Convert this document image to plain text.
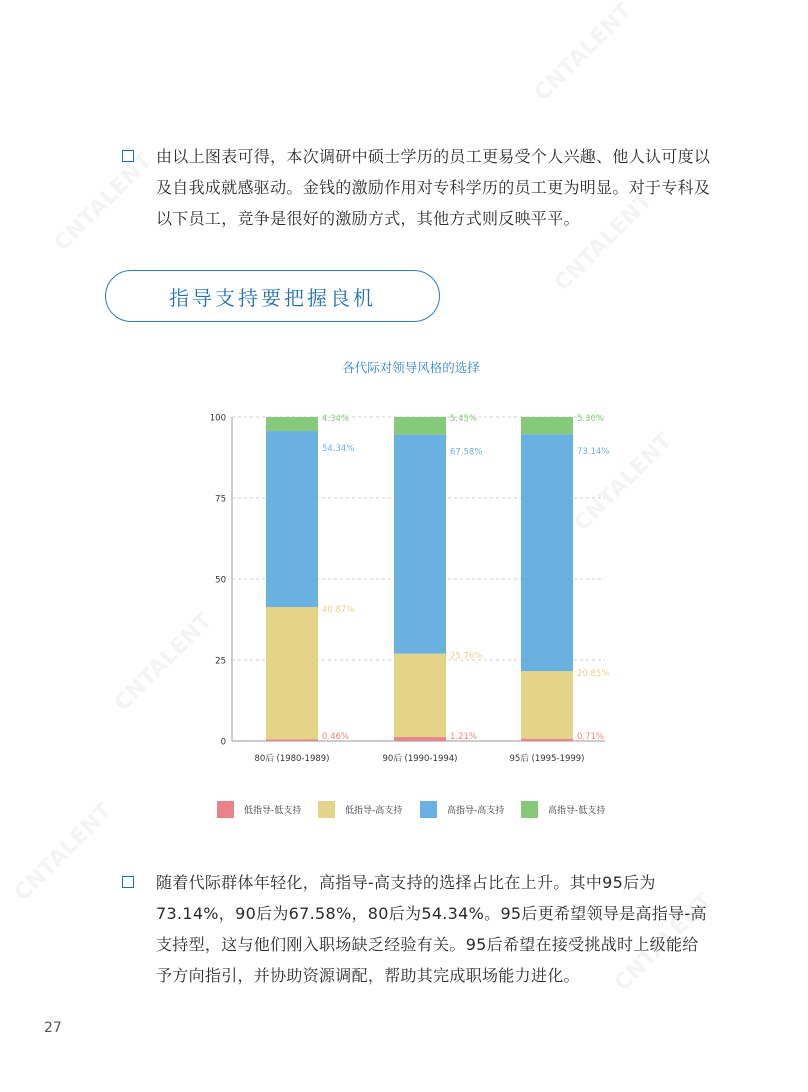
由以上图表可得，本次调研中硕士学历的员工更易受个人兴趣、他人认可度以及自我成就感驱动。金钱的激励作用对专科学历的员工更为明显。对于专科及以下员工，竞争是很好的激励方式，其他方式则反映平平。
指导支持要把握良机
各代际对领导风格的选择
0
25
50
75
100
0.46%
40.87%
54.34%
4.34%
80后 (1980-1989)
1.21%
25.76%
67.58%
5.45%
90后 (1990-1994)
0.71%
20.85%
73.14%
5.30%
95后 (1995-1999)
低指导-低支持	低指导-高支持	高指导-高支持	高指导-低支持
随着代际群体年轻化，高指导-高支持的选择占比在上升。其中95后为73.14%，90后为67.58%，80后为54.34%。95后更希望领导是高指导-高支持型，这与他们刚入职场缺乏经验有关。95后希望在接受挑战时上级能给予方向指引，并协助资源调配，帮助其完成职场能力进化。
27
